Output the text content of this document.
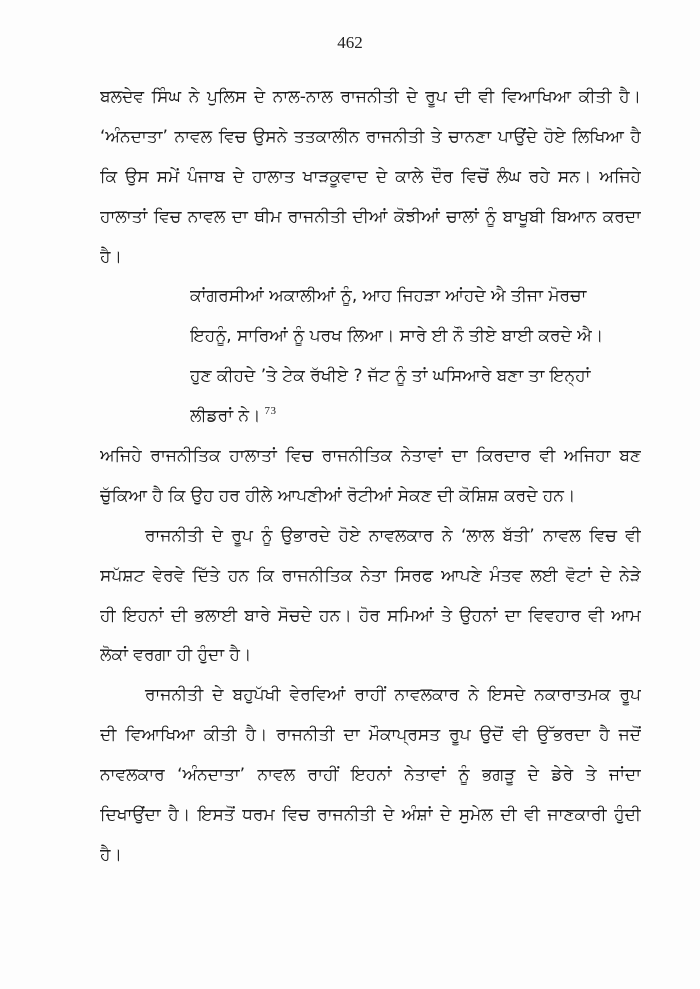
462
ਬਲਦੇਵ ਸਿੰਘ ਨੇ ਪੁਲਿਸ ਦੇ ਨਾਲ-ਨਾਲ ਰਾਜਨੀਤੀ ਦੇ ਰੂਪ ਦੀ ਵੀ ਵਿਆਖਿਆ ਕੀਤੀ ਹੈ।
‘ਅੰਨਦਾਤਾ’ ਨਾਵਲ ਵਿਚ ਉਸਨੇ ਤਤਕਾਲੀਨ ਰਾਜਨੀਤੀ ਤੇ ਚਾਨਣਾ ਪਾਉਂਦੇ ਹੋਏ ਲਿਖਿਆ ਹੈ
ਕਿ ਉਸ ਸਮੇਂ ਪੰਜਾਬ ਦੇ ਹਾਲਾਤ ਖਾੜਕੂਵਾਦ ਦੇ ਕਾਲੇ ਦੌਰ ਵਿਚੋਂ ਲੰਘ ਰਹੇ ਸਨ। ਅਜਿਹੇ
ਹਾਲਾਤਾਂ ਵਿਚ ਨਾਵਲ ਦਾ ਥੀਮ ਰਾਜਨੀਤੀ ਦੀਆਂ ਕੋਝੀਆਂ ਚਾਲਾਂ ਨੂੰ ਬਾਖੂਬੀ ਬਿਆਨ ਕਰਦਾ
ਹੈ।
ਕਾਂਗਰਸੀਆਂ ਅਕਾਲੀਆਂ ਨੂੰ, ਆਹ ਜਿਹੜਾ ਆਂਹਦੇ ਐ ਤੀਜਾ ਮੋਰਚਾ
ਇਹਨੂੰ, ਸਾਰਿਆਂ ਨੂੰ ਪਰਖ ਲਿਆ। ਸਾਰੇ ਈ ਨੌ ਤੀਏ ਬਾਈ ਕਰਦੇ ਐ।
ਹੁਣ ਕੀਹਦੇ ’ਤੇ ਟੇਕ ਰੱਖੀਏ ? ਜੱਟ ਨੂੰ ਤਾਂ ਘਸਿਆਰੇ ਬਣਾ ਤਾ ਇਨ੍ਹਾਂ
ਲੀਡਰਾਂ ਨੇ। $^{73}$
ਅਜਿਹੇ ਰਾਜਨੀਤਿਕ ਹਾਲਾਤਾਂ ਵਿਚ ਰਾਜਨੀਤਿਕ ਨੇਤਾਵਾਂ ਦਾ ਕਿਰਦਾਰ ਵੀ ਅਜਿਹਾ ਬਣ
ਚੁੱਕਿਆ ਹੈ ਕਿ ਉਹ ਹਰ ਹੀਲੇ ਆਪਣੀਆਂ ਰੋਟੀਆਂ ਸੇਕਣ ਦੀ ਕੋਸ਼ਿਸ਼ ਕਰਦੇ ਹਨ।
ਰਾਜਨੀਤੀ ਦੇ ਰੂਪ ਨੂੰ ਉਭਾਰਦੇ ਹੋਏ ਨਾਵਲਕਾਰ ਨੇ ‘ਲਾਲ ਬੱਤੀ’ ਨਾਵਲ ਵਿਚ ਵੀ
ਸਪੱਸ਼ਟ ਵੇਰਵੇ ਦਿੱਤੇ ਹਨ ਕਿ ਰਾਜਨੀਤਿਕ ਨੇਤਾ ਸਿਰਫ ਆਪਣੇ ਮੰਤਵ ਲਈ ਵੋਟਾਂ ਦੇ ਨੇੜੇ
ਹੀ ਇਹਨਾਂ ਦੀ ਭਲਾਈ ਬਾਰੇ ਸੋਚਦੇ ਹਨ। ਹੋਰ ਸਮਿਆਂ ਤੇ ਉਹਨਾਂ ਦਾ ਵਿਵਹਾਰ ਵੀ ਆਮ
ਲੋਕਾਂ ਵਰਗਾ ਹੀ ਹੁੰਦਾ ਹੈ।
ਰਾਜਨੀਤੀ ਦੇ ਬਹੁਪੱਖੀ ਵੇਰਵਿਆਂ ਰਾਹੀਂ ਨਾਵਲਕਾਰ ਨੇ ਇਸਦੇ ਨਕਾਰਾਤਮਕ ਰੂਪ
ਦੀ ਵਿਆਖਿਆ ਕੀਤੀ ਹੈ। ਰਾਜਨੀਤੀ ਦਾ ਮੌਕਾਪ੍ਰਸਤ ਰੂਪ ਉਦੋਂ ਵੀ ਉੱਭਰਦਾ ਹੈ ਜਦੋਂ
ਨਾਵਲਕਾਰ ‘ਅੰਨਦਾਤਾ’ ਨਾਵਲ ਰਾਹੀਂ ਇਹਨਾਂ ਨੇਤਾਵਾਂ ਨੂੰ ਭਗੜੂ ਦੇ ਡੇਰੇ ਤੇ ਜਾਂਦਾ
ਦਿਖਾਉਂਦਾ ਹੈ। ਇਸਤੋਂ ਧਰਮ ਵਿਚ ਰਾਜਨੀਤੀ ਦੇ ਅੰਸ਼ਾਂ ਦੇ ਸੁਮੇਲ ਦੀ ਵੀ ਜਾਣਕਾਰੀ ਹੁੰਦੀ
ਹੈ।
